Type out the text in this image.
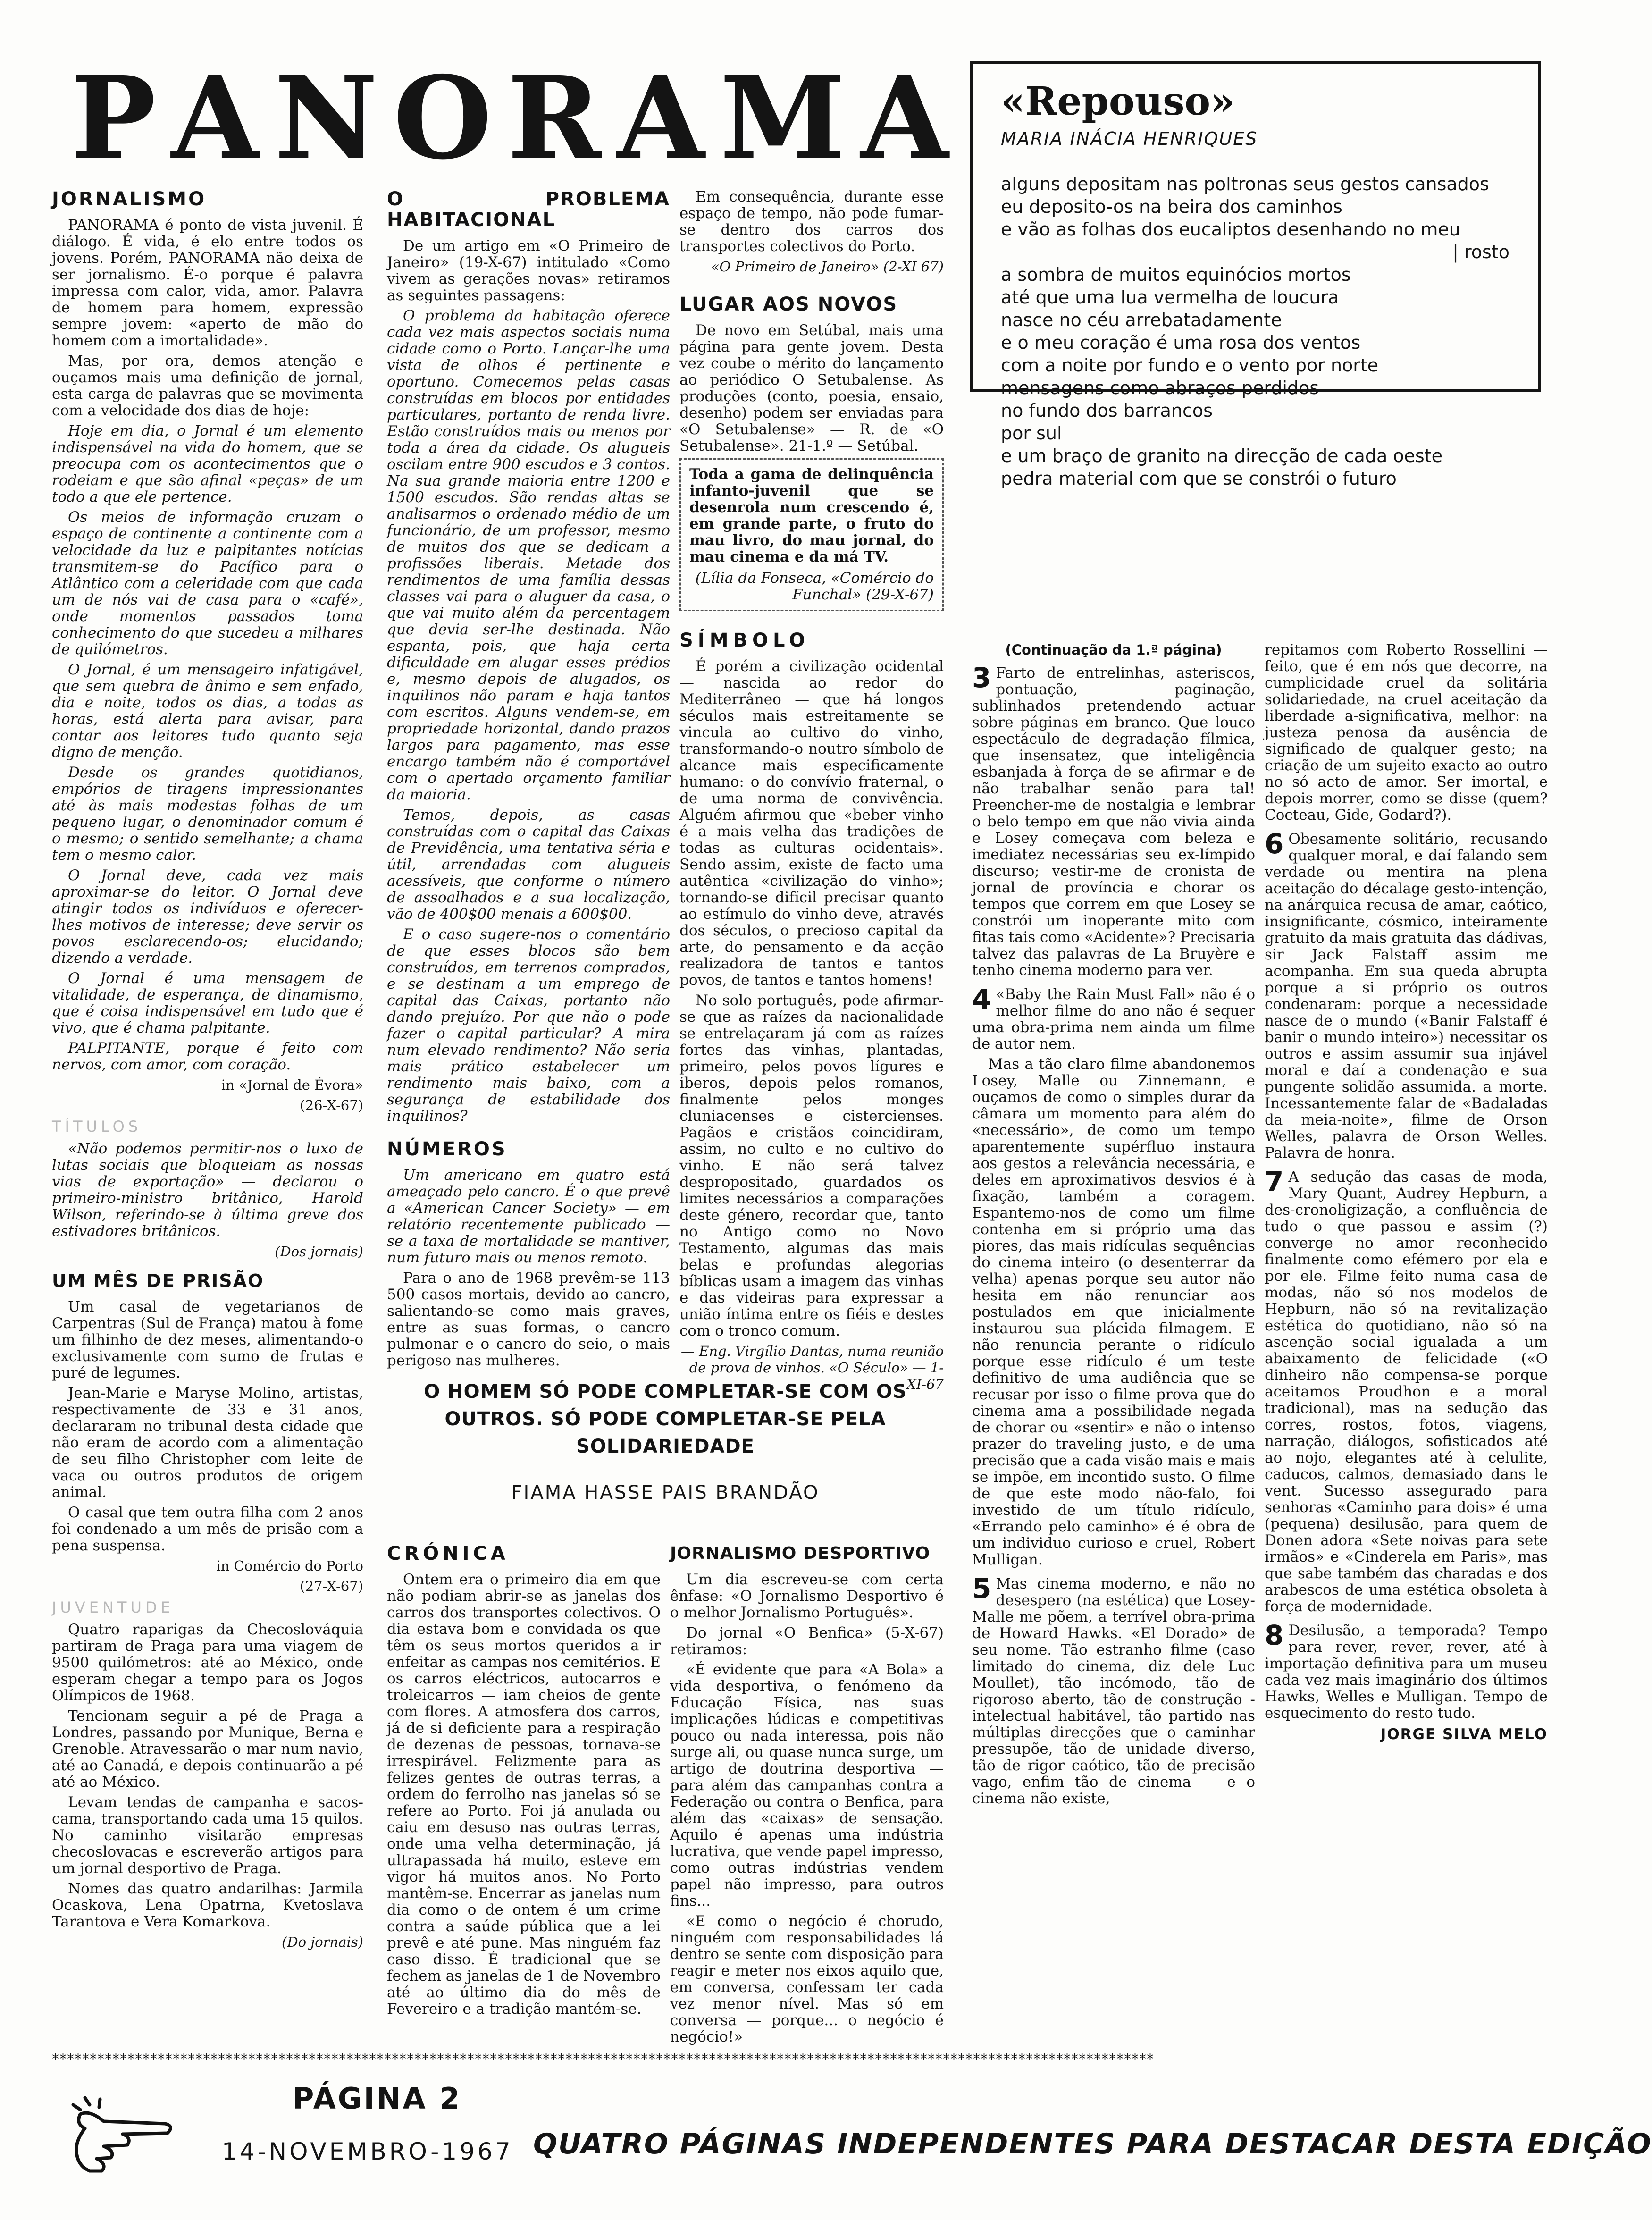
P A N O R A M A «Repouso»
MARIA INÁCIA HENRIQUES
alguns depositam nas poltronas seus gestos cansados
eu deposito-os na beira dos caminhos
e vão as folhas dos eucaliptos desenhando no meu
| rosto
a sombra de muitos equinócios mortos
até que uma lua vermelha de loucura
nasce no céu arrebatadamente
e o meu coração é uma rosa dos ventos
com a noite por fundo e o vento por norte
mensagens como abraços perdidos
no fundo dos barrancos
por sul
e um braço de granito na direcção de cada oeste
pedra material com que se constrói o futuro
JORNALISMO

PANORAMA é ponto de vista juvenil. É diálogo. É vida, é elo entre todos os jovens. Porém, PANORAMA não deixa de ser jornalismo. É-o porque é palavra impressa com calor, vida, amor. Palavra de homem para homem, expressão sempre jovem: «aperto de mão do homem com a imortalidade».

Mas, por ora, demos atenção e ouçamos mais uma definição de jornal, esta carga de palavras que se movimenta com a velocidade dos dias de hoje:

Hoje em dia, o Jornal é um elemento indispensável na vida do homem, que se preocupa com os acontecimentos que o rodeiam e que são afinal «peças» de um todo a que ele pertence.

Os meios de informação cruzam o espaço de continente a continente com a velocidade da luz e palpitantes notícias transmitem-se do Pacífico para o Atlântico com a celeridade com que cada um de nós vai de casa para o «café», onde momentos passados toma conhecimento do que sucedeu a milhares de quilómetros.

O Jornal, é um mensageiro infatigável, que sem quebra de ânimo e sem enfado, dia e noite, todos os dias, a todas as horas, está alerta para avisar, para contar aos leitores tudo quanto seja digno de menção.

Desde os grandes quotidianos, empórios de tiragens impressionantes até às mais modestas folhas de um pequeno lugar, o denominador comum é o mesmo; o sentido semelhante; a chama tem o mesmo calor.

O Jornal deve, cada vez mais aproximar-se do leitor. O Jornal deve atingir todos os indivíduos e oferecer-lhes motivos de interesse; deve servir os povos esclarecendo-os; elucidando; dizendo a verdade.

O Jornal é uma mensagem de vitalidade, de esperança, de dinamismo, que é coisa indispensável em tudo que é vivo, que é chama palpitante.

PALPITANTE, porque é feito com nervos, com amor, com coração.

in «Jornal de Évora»

(26-X-67)

TÍTULOS

«Não podemos permitir-nos o luxo de lutas sociais que bloqueiam as nossas vias de exportação» — declarou o primeiro-ministro britânico, Harold Wilson, referindo-se à última greve dos estivadores britânicos.

(Dos jornais)

UM MÊS DE PRISÃO

Um casal de vegetarianos de Carpentras (Sul de França) matou à fome um filhinho de dez meses, alimentando-o exclusivamente com sumo de frutas e puré de legumes.

Jean-Marie e Maryse Molino, artistas, respectivamente de 33 e 31 anos, declararam no tribunal desta cidade que não eram de acordo com a alimentação de seu filho Christopher com leite de vaca ou outros produtos de origem animal.

O casal que tem outra filha com 2 anos foi condenado a um mês de prisão com a pena suspensa.

in Comércio do Porto

(27-X-67)

JUVENTUDE

Quatro raparigas da Checoslováquia partiram de Praga para uma viagem de 9500 quilómetros: até ao México, onde esperam chegar a tempo para os Jogos Olímpicos de 1968.

Tencionam seguir a pé de Praga a Londres, passando por Munique, Berna e Grenoble. Atravessarão o mar num navio, até ao Canadá, e depois continuarão a pé até ao México.

Levam tendas de campanha e sacos-cama, transportando cada uma 15 quilos. No caminho visitarão empresas checoslovacas e escreverão artigos para um jornal desportivo de Praga.

Nomes das quatro andarilhas: Jarmila Ocaskova, Lena Opatrna, Kvetoslava Tarantova e Vera Komarkova.

(Do jornais)

O PROBLEMA HABITACIONAL

De um artigo em «O Primeiro de Janeiro» (19-X-67) intitulado «Como vivem as gerações novas» retiramos as seguintes passagens:

O problema da habitação oferece cada vez mais aspectos sociais numa cidade como o Porto. Lançar-lhe uma vista de olhos é pertinente e oportuno. Comecemos pelas casas construídas em blocos por entidades particulares, portanto de renda livre. Estão construídos mais ou menos por toda a área da cidade. Os alugueis oscilam entre 900 escudos e 3 contos. Na sua grande maioria entre 1200 e 1500 escudos. São rendas altas se analisarmos o ordenado médio de um funcionário, de um professor, mesmo de muitos dos que se dedicam a profissões liberais. Metade dos rendimentos de uma família dessas classes vai para o aluguer da casa, o que vai muito além da percentagem que devia ser-lhe destinada. Não espanta, pois, que haja certa dificuldade em alugar esses prédios e, mesmo depois de alugados, os inquilinos não param e haja tantos com escritos. Alguns vendem-se, em propriedade horizontal, dando prazos largos para pagamento, mas esse encargo também não é comportável com o apertado orçamento familiar da maioria.

Temos, depois, as casas construídas com o capital das Caixas de Previdência, uma tentativa séria e útil, arrendadas com alugueis acessíveis, que conforme o número de assoalhados e a sua localização, vão de 400$00 menais a 600$00.

E o caso sugere-nos o comentário de que esses blocos são bem construídos, em terrenos comprados, e se destinam a um emprego de capital das Caixas, portanto não dando prejuízo. Por que não o pode fazer o capital particular? A mira num elevado rendimento? Não seria mais prático estabelecer um rendimento mais baixo, com a segurança de estabilidade dos inquilinos?

NÚMEROS

Um americano em quatro está ameaçado pelo cancro. É o que prevê a «American Cancer Society» — em relatório recentemente publicado — se a taxa de mortalidade se mantiver, num futuro mais ou menos remoto.

Para o ano de 1968 prevêm-se 113 500 casos mortais, devido ao cancro, salientando-se como mais graves, entre as suas formas, o cancro pulmonar e o cancro do seio, o mais perigoso nas mulheres.

Em consequência, durante esse espaço de tempo, não pode fumar-se dentro dos carros dos transportes colectivos do Porto.

«O Primeiro de Janeiro» (2-XI 67)

LUGAR AOS NOVOS

De novo em Setúbal, mais uma página para gente jovem. Desta vez coube o mérito do lançamento ao periódico O Setubalense. As produções (conto, poesia, ensaio, desenho) podem ser enviadas para «O Setubalense» — R. de «O Setubalense». 21-1.º — Setúbal.

Toda a gama de delinquência infanto-juvenil que se desenrola num crescendo é, em grande parte, o fruto do mau livro, do mau jornal, do mau cinema e da má TV.
(Lília da Fonseca, «Comércio do Funchal» (29-X-67)
SÍMBOLO

É porém a civilização ocidental — nascida ao redor do Mediterrâneo — que há longos séculos mais estreitamente se vincula ao cultivo do vinho, transformando-o noutro símbolo de alcance mais especificamente humano: o do convívio fraternal, o de uma norma de convivência. Alguém afirmou que «beber vinho é a mais velha das tradições de todas as culturas ocidentais». Sendo assim, existe de facto uma autêntica «civilização do vinho»; tornando-se difícil precisar quanto ao estímulo do vinho deve, através dos séculos, o precioso capital da arte, do pensamento e da acção realizadora de tantos e tantos povos, de tantos e tantos homens!

No solo português, pode afirmar-se que as raízes da nacionalidade se entrelaçaram já com as raízes fortes das vinhas, plantadas, primeiro, pelos povos lígures e iberos, depois pelos romanos, finalmente pelos monges cluniacenses e cistercienses. Pagãos e cristãos coincidiram, assim, no culto e no cultivo do vinho. E não será talvez despropositado, guardados os limites necessários a comparações deste género, recordar que, tanto no Antigo como no Novo Testamento, algumas das mais belas e profundas alegorias bíblicas usam a imagem das vinhas e das videiras para expressar a união íntima entre os fiéis e destes com o tronco comum.

— Eng. Virgílio Dantas, numa reunião de prova de vinhos. «O Século» — 1-XI-67

O HOMEM SÓ PODE COMPLETAR-SE COM OS OUTROS. SÓ PODE COMPLETAR-SE PELA SOLIDARIEDADE
FIAMA HASSE PAIS BRANDÃO
CRÓNICA

Ontem era o primeiro dia em que não podiam abrir-se as janelas dos carros dos transportes colectivos. O dia estava bom e convidada os que têm os seus mortos queridos a ir enfeitar as campas nos cemitérios. E os carros eléctricos, autocarros e troleicarros — iam cheios de gente com flores. A atmosfera dos carros, já de si deficiente para a respiração de dezenas de pessoas, tornava-se irrespirável. Felizmente para as felizes gentes de outras terras, a ordem do ferrolho nas janelas só se refere ao Porto. Foi já anulada ou caiu em desuso nas outras terras, onde uma velha determinação, já ultrapassada há muito, esteve em vigor há muitos anos. No Porto mantêm-se. Encerrar as janelas num dia como o de ontem é um crime contra a saúde pública que a lei prevê e até pune. Mas ninguém faz caso disso. É tradicional que se fechem as janelas de 1 de Novembro até ao último dia do mês de Fevereiro e a tradição mantém-se.

JORNALISMO DESPORTIVO

Um dia escreveu-se com certa ênfase: «O Jornalismo Desportivo é o melhor Jornalismo Português».

Do jornal «O Benfica» (5-X-67) retiramos:

«É evidente que para «A Bola» a vida desportiva, o fenómeno da Educação Física, nas suas implicações lúdicas e competitivas pouco ou nada interessa, pois não surge ali, ou quase nunca surge, um artigo de doutrina desportiva — para além das campanhas contra a Federação ou contra o Benfica, para além das «caixas» de sensação. Aquilo é apenas uma indústria lucrativa, que vende papel impresso, como outras indústrias vendem papel não impresso, para outros fins...

«E como o negócio é chorudo, ninguém com responsabilidades lá dentro se sente com disposição para reagir e meter nos eixos aquilo que, em conversa, confessam ter cada vez menor nível. Mas só em conversa — porque... o negócio é negócio!»

(Continuação da 1.ª página)

3 Farto de entrelinhas, asteriscos, pontuação, paginação, sublinhados pretendendo actuar sobre páginas em branco. Que louco espectáculo de degradação fílmica, que insensatez, que inteligência esbanjada à força de se afirmar e de não trabalhar senão para tal! Preencher-me de nostalgia e lembrar o belo tempo em que não vivia ainda e Losey começava com beleza e imediatez necessárias seu ex-límpido discurso; vestir-me de cronista de jornal de província e chorar os tempos que correm em que Losey se constrói um inoperante mito com fitas tais como «Acidente»? Precisaria talvez das palavras de La Bruyère e tenho cinema moderno para ver.

4 «Baby the Rain Must Fall» não é o melhor filme do ano não é sequer uma obra-prima nem ainda um filme de autor nem.

Mas a tão claro filme abandonemos Losey, Malle ou Zinnemann, e ouçamos de como o simples durar da câmara um momento para além do «necessário», de como um tempo aparentemente supérfluo instaura aos gestos a relevância necessária, e deles em aproximativos desvios é à fixação, também a coragem. Espantemo-nos de como um filme contenha em si próprio uma das piores, das mais ridículas sequências do cinema inteiro (o desenterrar da velha) apenas porque seu autor não hesita em não renunciar aos postulados em que inicialmente instaurou sua plácida filmagem. E não renuncia perante o ridículo porque esse ridículo é um teste definitivo de uma audiência que se recusar por isso o filme prova que do cinema ama a possibilidade negada de chorar ou «sentir» e não o intenso prazer do traveling justo, e de uma precisão que a cada visão mais e mais se impõe, em incontido susto. O filme de que este modo não-falo, foi investido de um título ridículo, «Errando pelo caminho» é é obra de um individuo curioso e cruel, Robert Mulligan.

5 Mas cinema moderno, e não no desespero (na estética) que Losey-Malle me põem, a terrível obra-prima de Howard Hawks. «El Dorado» de seu nome. Tão estranho filme (caso limitado do cinema, diz dele Luc Moullet), tão incómodo, tão de rigoroso aberto, tão de construção - intelectual habitável, tão partido nas múltiplas direcções que o caminhar pressupõe, tão de unidade diverso, tão de rigor caótico, tão de precisão vago, enfim tão de cinema — e o cinema não existe,

repitamos com Roberto Rossellini — feito, que é em nós que decorre, na cumplicidade cruel da solitária solidariedade, na cruel aceitação da liberdade a-significativa, melhor: na justeza penosa da ausência de significado de qualquer gesto; na criação de um sujeito exacto ao outro no só acto de amor. Ser imortal, e depois morrer, como se disse (quem? Cocteau, Gide, Godard?).

6 Obesamente solitário, recusando qualquer moral, e daí falando sem verdade ou mentira na plena aceitação do décalage gesto-intenção, na anárquica recusa de amar, caótico, insignificante, cósmico, inteiramente gratuito da mais gratuita das dádivas, sir Jack Falstaff assim me acompanha. Em sua queda abrupta porque a si próprio os outros condenaram: porque a necessidade nasce de o mundo («Banir Falstaff é banir o mundo inteiro») necessitar os outros e assim assumir sua injável moral e daí a condenação e sua pungente solidão assumida. a morte. Incessantemente falar de «Badaladas da meia-noite», filme de Orson Welles, palavra de Orson Welles. Palavra de honra.

7 A sedução das casas de moda, Mary Quant, Audrey Hepburn, a des-cronoligização, a confluência de tudo o que passou e assim (?) converge no amor reconhecido finalmente como efémero por ela e por ele. Filme feito numa casa de modas, não só nos modelos de Hepburn, não só na revitalização estética do quotidiano, não só na ascenção social igualada a um abaixamento de felicidade («O dinheiro não compensa-se porque aceitamos Proudhon e a moral tradicional), mas na sedução das corres, rostos, fotos, viagens, narração, diálogos, sofisticados até ao nojo, elegantes até à celulite, caducos, calmos, demasiado dans le vent. Sucesso assegurado para senhoras «Caminho para dois» é uma (pequena) desilusão, para quem de Donen adora «Sete noivas para sete irmãos» e «Cinderela em Paris», mas que sabe também das charadas e dos arabescos de uma estética obsoleta à força de modernidade.

8 Desilusão, a temporada? Tempo para rever, rever, rever, até à importação definitiva para um museu cada vez mais imaginário dos últimos Hawks, Welles e Mulligan. Tempo de esquecimento do resto tudo.

JORGE SILVA MELO
**************************************************************************************************************************************************
PÁGINA 2
14-NOVEMBRO-1967 QUATRO PÁGINAS INDEPENDENTES PARA DESTACAR DESTA EDIÇÃO
